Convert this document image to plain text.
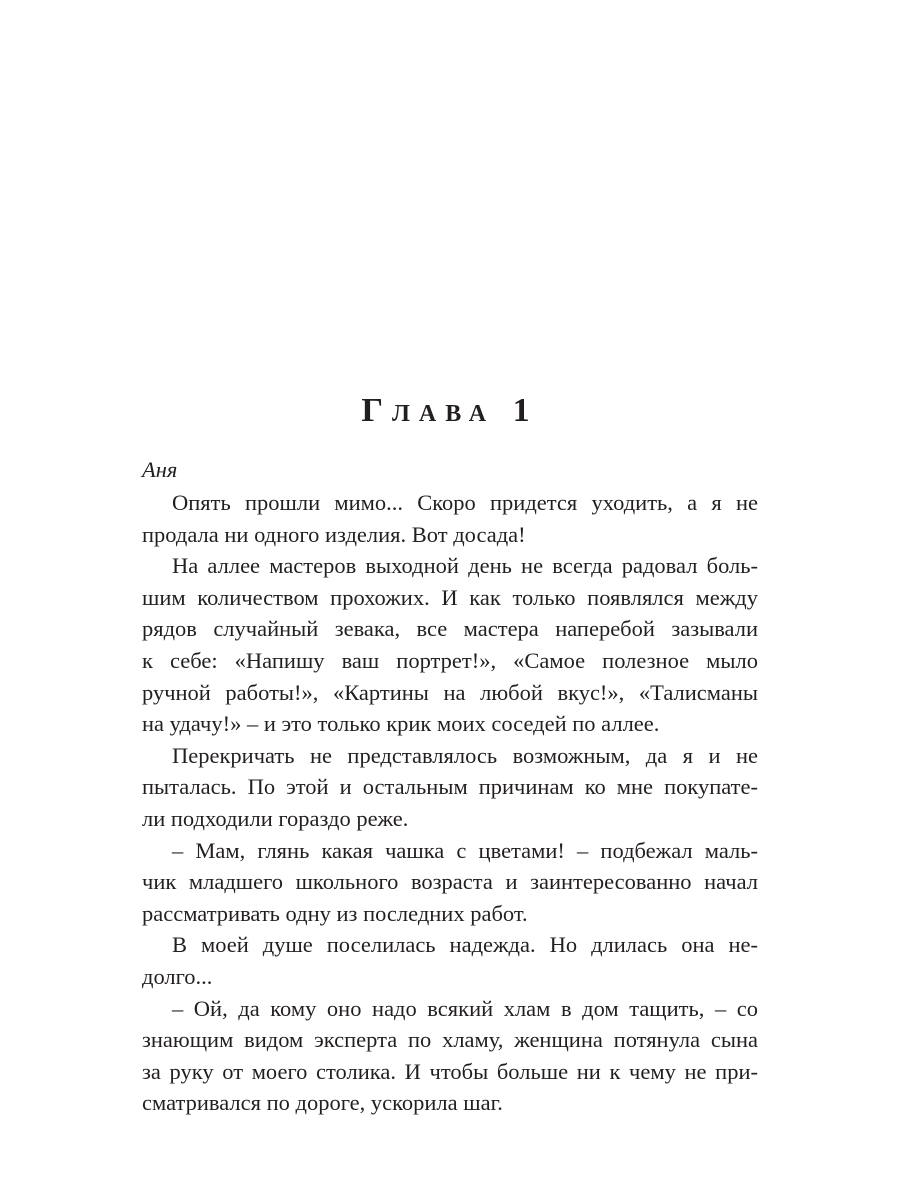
Глава 1
Аня
Опять прошли мимо... Скоро придется уходить, а я не
продала ни одного изделия. Вот досада!
На аллее мастеров выходной день не всегда радовал боль-
шим количеством прохожих. И как только появлялся между
рядов случайный зевака, все мастера наперебой зазывали
к себе: «Напишу ваш портрет!», «Самое полезное мыло
ручной работы!», «Картины на любой вкус!», «Талисманы
на удачу!» – и это только крик моих соседей по аллее.
Перекричать не представлялось возможным, да я и не
пыталась. По этой и остальным причинам ко мне покупате-
ли подходили гораздо реже.
– Мам, глянь какая чашка с цветами! – подбежал маль-
чик младшего школьного возраста и заинтересованно начал
рассматривать одну из последних работ.
В моей душе поселилась надежда. Но длилась она не-
долго...
– Ой, да кому оно надо всякий хлам в дом тащить, – со
знающим видом эксперта по хламу, женщина потянула сына
за руку от моего столика. И чтобы больше ни к чему не при-
сматривался по дороге, ускорила шаг.
